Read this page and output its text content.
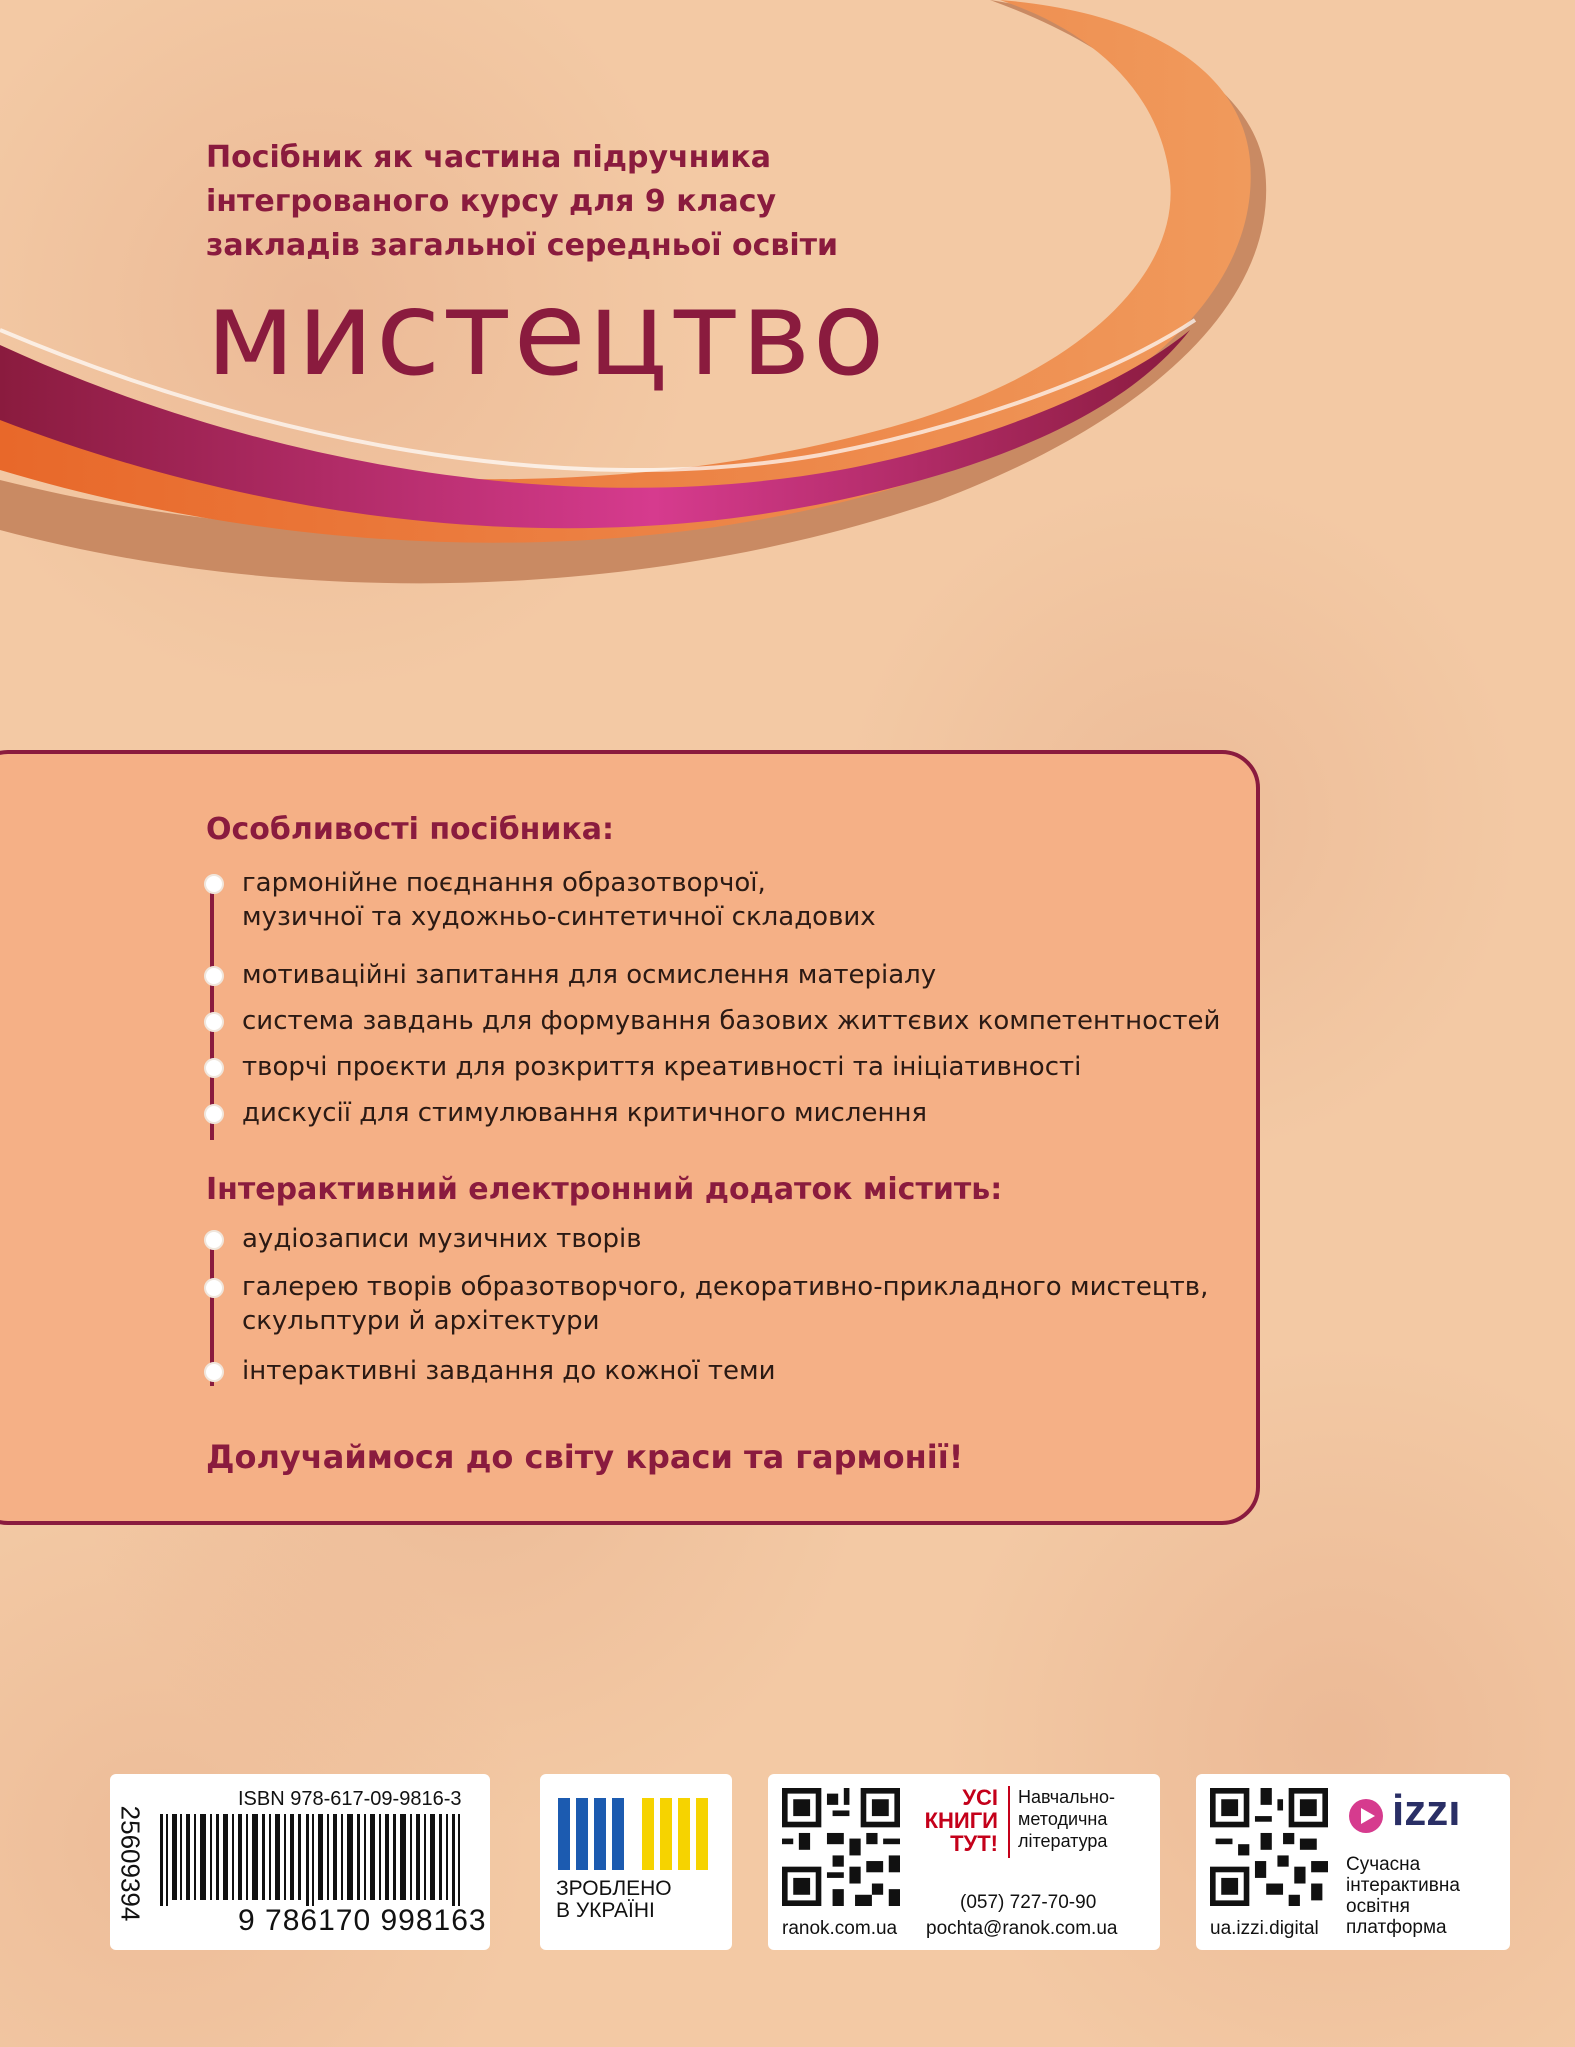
Посібник як частина підручника
інтегрованого курсу для 9 класу
закладів загальної середньої освіти
мистецтво
Особливості посібника:
гармонійне поєднання образотворчої,
музичної та художньо-синтетичної складових
мотиваційні запитання для осмислення матеріалу
система завдань для формування базових життєвих компетентностей
творчі проєкти для розкриття креативності та ініціативності
дискусії для стимулювання критичного мислення
Інтерактивний електронний додаток містить:
аудіозаписи музичних творів
галерею творів образотворчого, декоративно-прикладного мистецтв,
скульптури й архітектури
інтерактивні завдання до кожної теми
Долучаймося до світу краси та гармонії!
25609394
ISBN 978-617-09-9816-3
9 786170 998163
ЗРОБЛЕНО
В УКРАЇНІ
УСІ
КНИГИ
ТУТ!
Навчально-
методична
література
(057) 727-70-90
ranok.com.ua pochta@ranok.com.ua
izzı
Сучасна
інтерактивна
освітня
платформа
ua.izzi.digital
